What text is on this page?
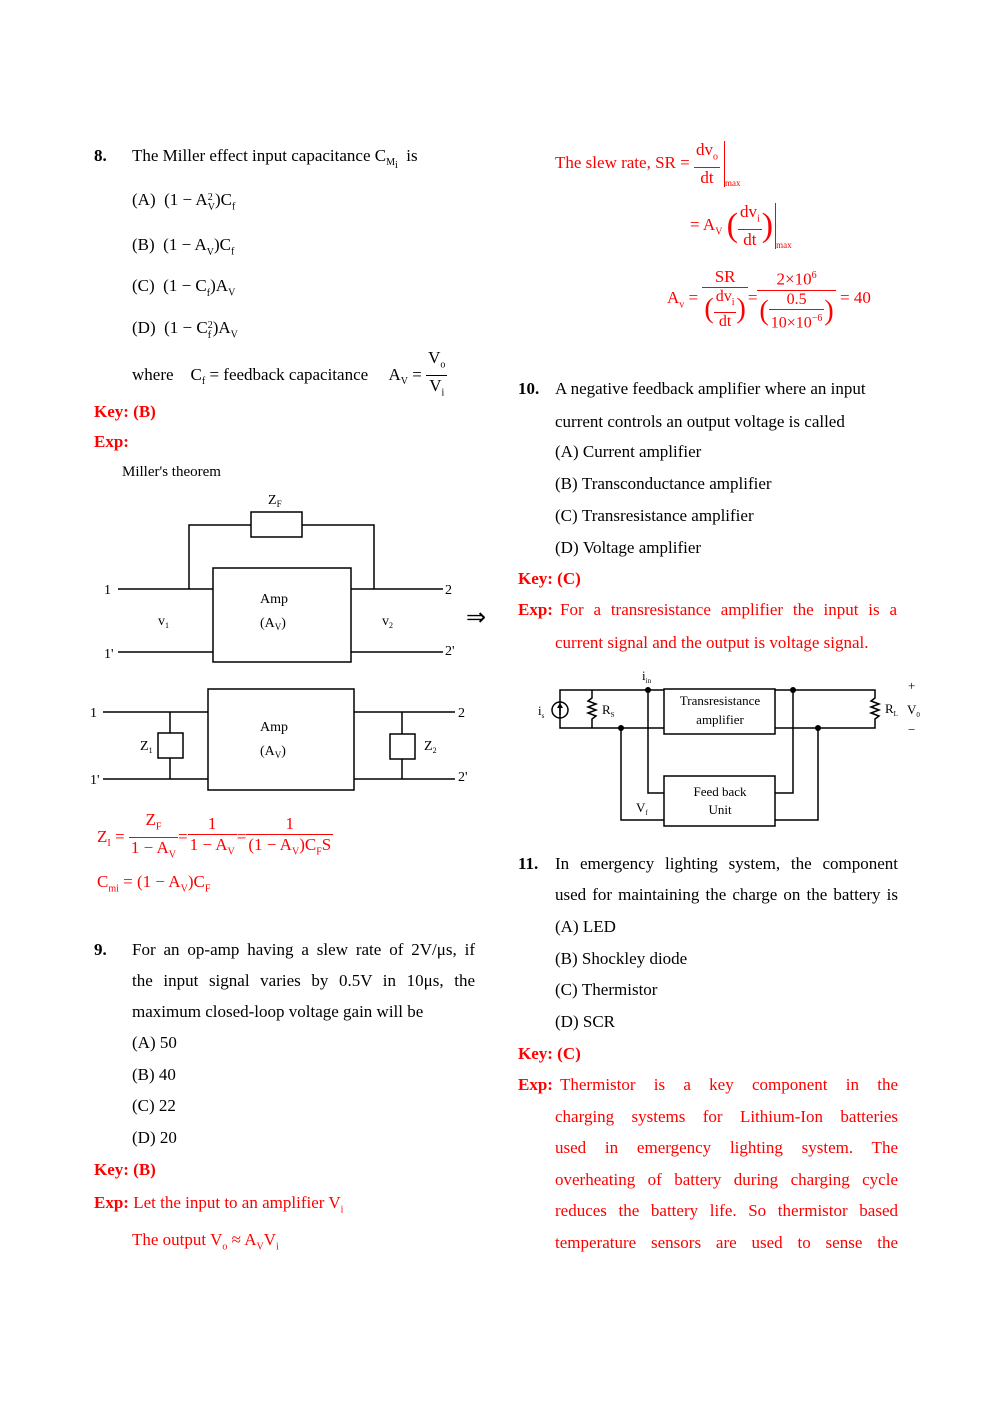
8. The Miller effect input capacitance $C_{M_i}$  is
(A) (1 − A 2
V )$C_f$
(B) (1 − A V )$C_f$
(C) (1 − C f )$A_V$
(D) (1 − C 2
f )$A_V$
where $C_f$ = feedback capacitance $A_V = \frac{V_o}{V_i}$
Key: (B)
Exp:
Miller's theorem
$Z_F$
Amp
$(A_V)$
1
1'
2
2'
$v_1$	$v_2$	⇒
Amp
$(A_V)$
1
1'
2
2'
$Z_1$	$Z_2$
$Z_I = \frac{Z_F}{1 - A_V} = \frac{1}{1 - A_V} = \frac{1}{(1 - A_V)C_FS}$
$C_{mi} = (1 - A_V)C_F$
9. For an op-amp having a slew rate of 2V/μs, if
the input signal varies by 0.5V in 10μs, the
maximum closed-loop voltage gain will be
(A) 50
(B) 40
(C) 22
(D) 20
Key: (B)
Exp: Let the input to an amplifier $V_i$
The output $V_o \approx A_VV_i$
The slew rate, SR = $\frac{dv_o}{dt} _{max}$
= $A_V$ ( $\frac{dv_i}{dt} )_{max}$
$A_v = \frac{SR}{( \frac{dv_i}{dt} )} = \frac{2\times 10^6}{( \frac{0.5}{10\times 10^{-6}} )} = 40$
10. A negative feedback amplifier where an input
current controls an output voltage is called
(A) Current amplifier
(B) Transconductance amplifier
(C) Transresistance amplifier
(D) Voltage amplifier
Key: (C)
Exp: For a transresistance amplifier the input is a
current signal and the output is voltage signal.
$i_{in}$
$i_s$	$R_S$
Transresistance
amplifier
Feed back
Unit
$R_L$ $V_0$
+
−
$V_f$
11. In emergency lighting system, the component
used for maintaining the charge on the battery is
(A) LED
(B) Shockley diode
(C) Thermistor
(D) SCR
Key: (C)
Exp: Thermistor is a key component in the
charging systems for Lithium-Ion batteries
used in emergency lighting system. The
overheating of battery during charging cycle
reduces the battery life. So thermistor based
temperature sensors are used to sense the
